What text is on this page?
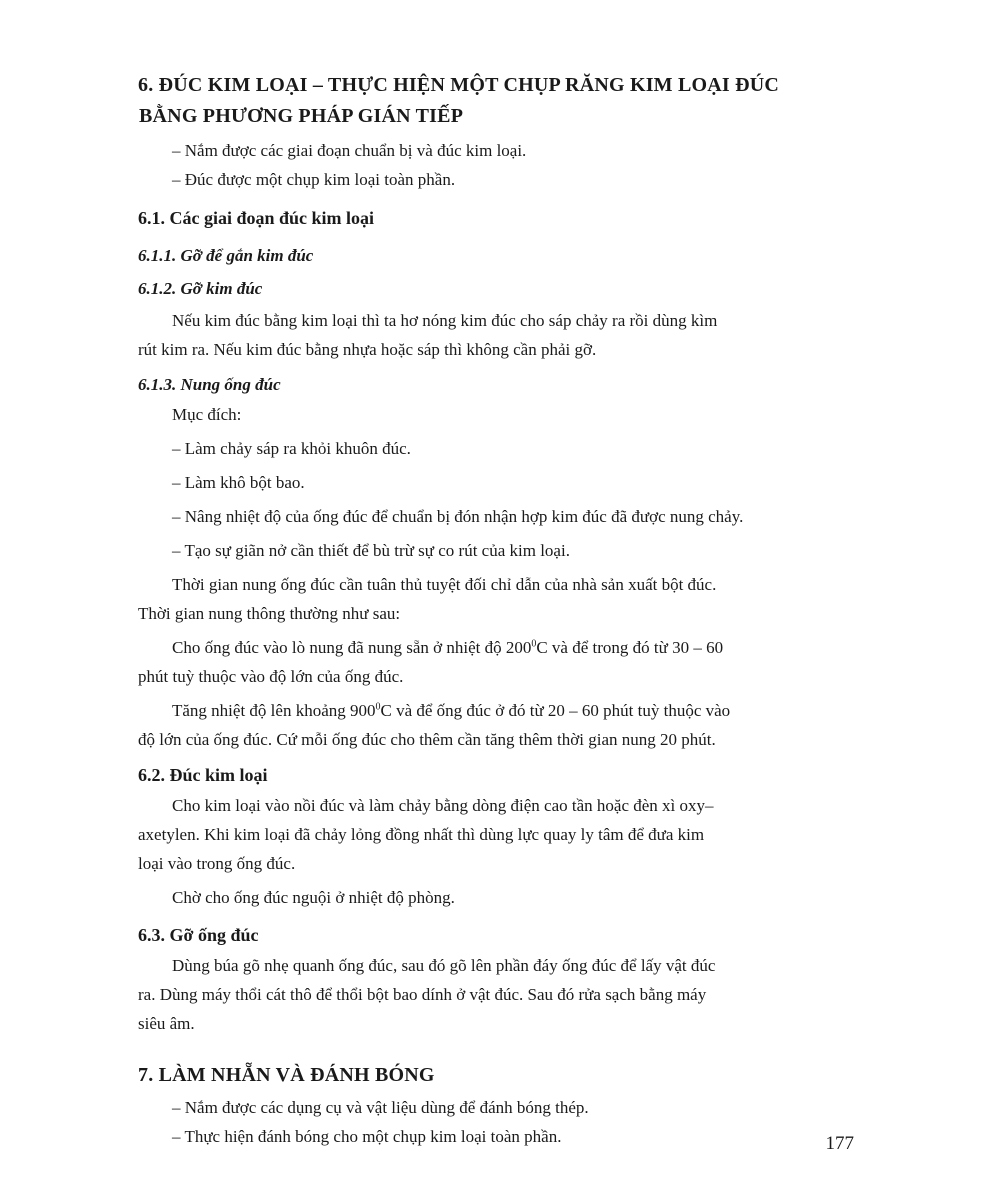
6. ĐÚC KIM LOẠI – THỰC HIỆN MỘT CHỤP RĂNG KIM LOẠI ĐÚC

BẰNG PHƯƠNG PHÁP GIÁN TIẾP

– Nắm được các giai đoạn chuẩn bị và đúc kim loại.

– Đúc được một chụp kim loại toàn phần.

6.1. Các giai đoạn đúc kim loại

6.1.1. Gỡ để gắn kim đúc

6.1.2. Gỡ kim đúc

Nếu kim đúc bằng kim loại thì ta hơ nóng kim đúc cho sáp chảy ra rồi dùng kìm

rút kim ra. Nếu kim đúc bằng nhựa hoặc sáp thì không cần phải gỡ.

6.1.3. Nung ống đúc

Mục đích:

– Làm chảy sáp ra khỏi khuôn đúc.

– Làm khô bột bao.

– Nâng nhiệt độ của ống đúc để chuẩn bị đón nhận hợp kim đúc đã được nung chảy.

– Tạo sự giãn nở cần thiết để bù trừ sự co rút của kim loại.

Thời gian nung ống đúc cần tuân thủ tuyệt đối chỉ dẫn của nhà sản xuất bột đúc.

Thời gian nung thông thường như sau:

Cho ống đúc vào lò nung đã nung sẵn ở nhiệt độ $200^0C$ và để trong đó từ 30 – 60

phút tuỳ thuộc vào độ lớn của ống đúc.

Tăng nhiệt độ lên khoảng $900^0C$ và để ống đúc ở đó từ 20 – 60 phút tuỳ thuộc vào

độ lớn của ống đúc. Cứ mỗi ống đúc cho thêm cần tăng thêm thời gian nung 20 phút.

6.2. Đúc kim loại

Cho kim loại vào nồi đúc và làm chảy bằng dòng điện cao tần hoặc đèn xì oxy–

axetylen. Khi kim loại đã chảy lỏng đồng nhất thì dùng lực quay ly tâm để đưa kim

loại vào trong ống đúc.

Chờ cho ống đúc nguội ở nhiệt độ phòng.

6.3. Gỡ ống đúc

Dùng búa gõ nhẹ quanh ống đúc, sau đó gõ lên phần đáy ống đúc để lấy vật đúc

ra. Dùng máy thổi cát thô để thổi bột bao dính ở vật đúc. Sau đó rửa sạch bằng máy

siêu âm.

7. LÀM NHẴN VÀ ĐÁNH BÓNG

– Nắm được các dụng cụ và vật liệu dùng để đánh bóng thép.

– Thực hiện đánh bóng cho một chụp kim loại toàn phần.	177
